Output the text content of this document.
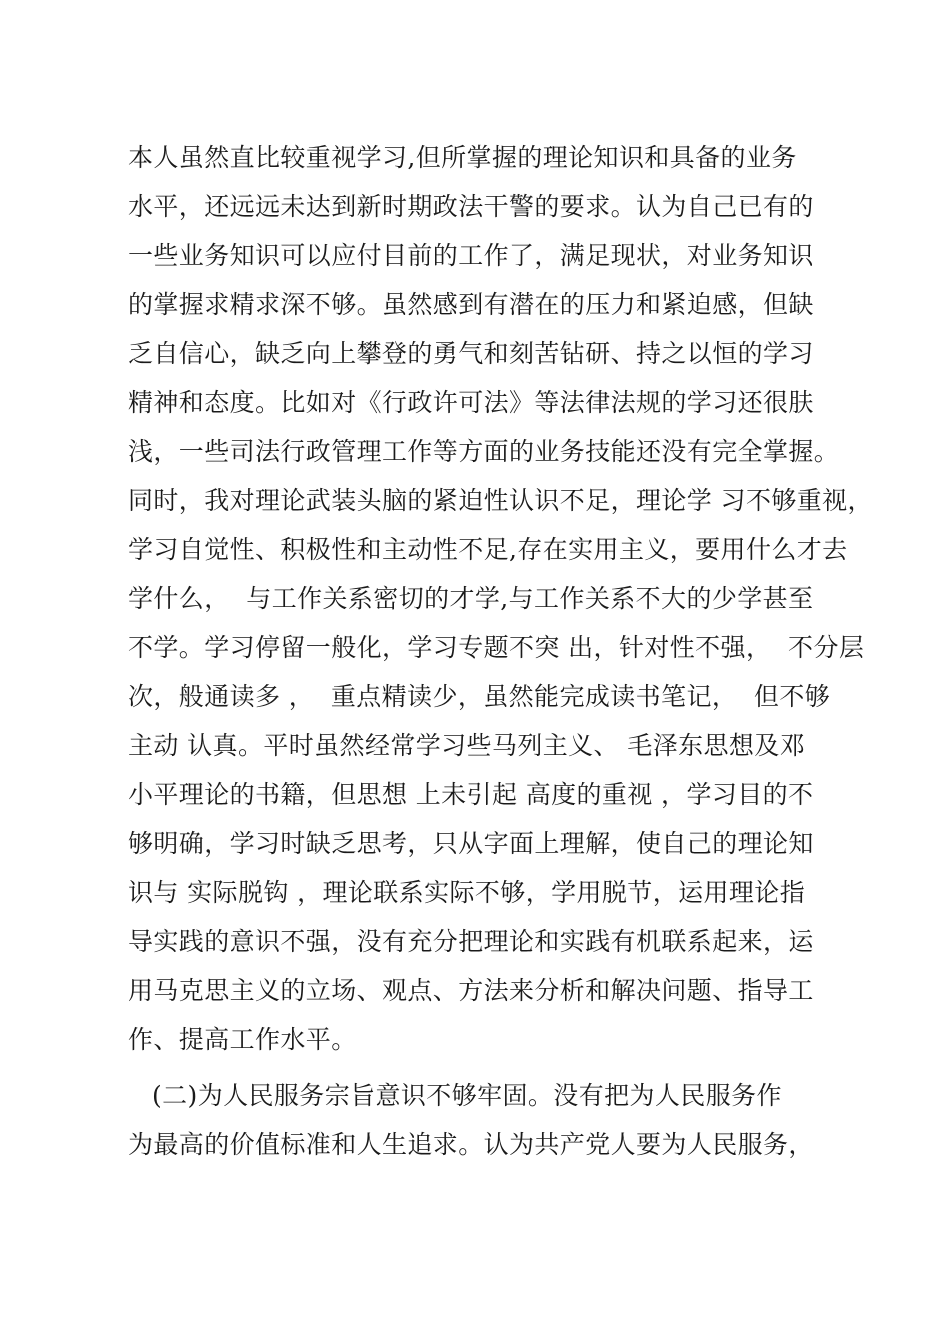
本人虽然直比较重视学习,但所掌握的理论知识和具备的业务
水平，还远远未达到新时期政法干警的要求。认为自己已有的
一些业务知识可以应付目前的工作了，满足现状，对业务知识
的掌握求精求深不够。虽然感到有潜在的压力和紧迫感，但缺
乏自信心，缺乏向上攀登的勇气和刻苦钻研、持之以恒的学习
精神和态度。比如对《行政许可法》等法律法规的学习还很肤
浅，一些司法行政管理工作等方面的业务技能还没有完全掌握。
同时，我对理论武装头脑的紧迫性认识不足，理论学 习不够重视，
学习自觉性、积极性和主动性不足,存在实用主义，要用什么才去
学什么，  与工作关系密切的才学,与工作关系不大的少学甚至
不学。学习停留一般化，学习专题不突 出，针对性不强，  不分层
次，般通读多 ，  重点精读少，虽然能完成读书笔记，  但不够
主动 认真。平时虽然经常学习些马列主义、 毛泽东思想及邓
小平理论的书籍，但思想 上未引起 高度的重视 ，学习目的不
够明确，学习时缺乏思考，只从字面上理解，使自己的理论知
识与 实际脱钩 ，理论联系实际不够，学用脱节，运用理论指
导实践的意识不强，没有充分把理论和实践有机联系起来，运
用马克思主义的立场、观点、方法来分析和解决问题、指导工
作、提高工作水平。
(二)为人民服务宗旨意识不够牢固。没有把为人民服务作
为最高的价值标准和人生追求。认为共产党人要为人民服务，
